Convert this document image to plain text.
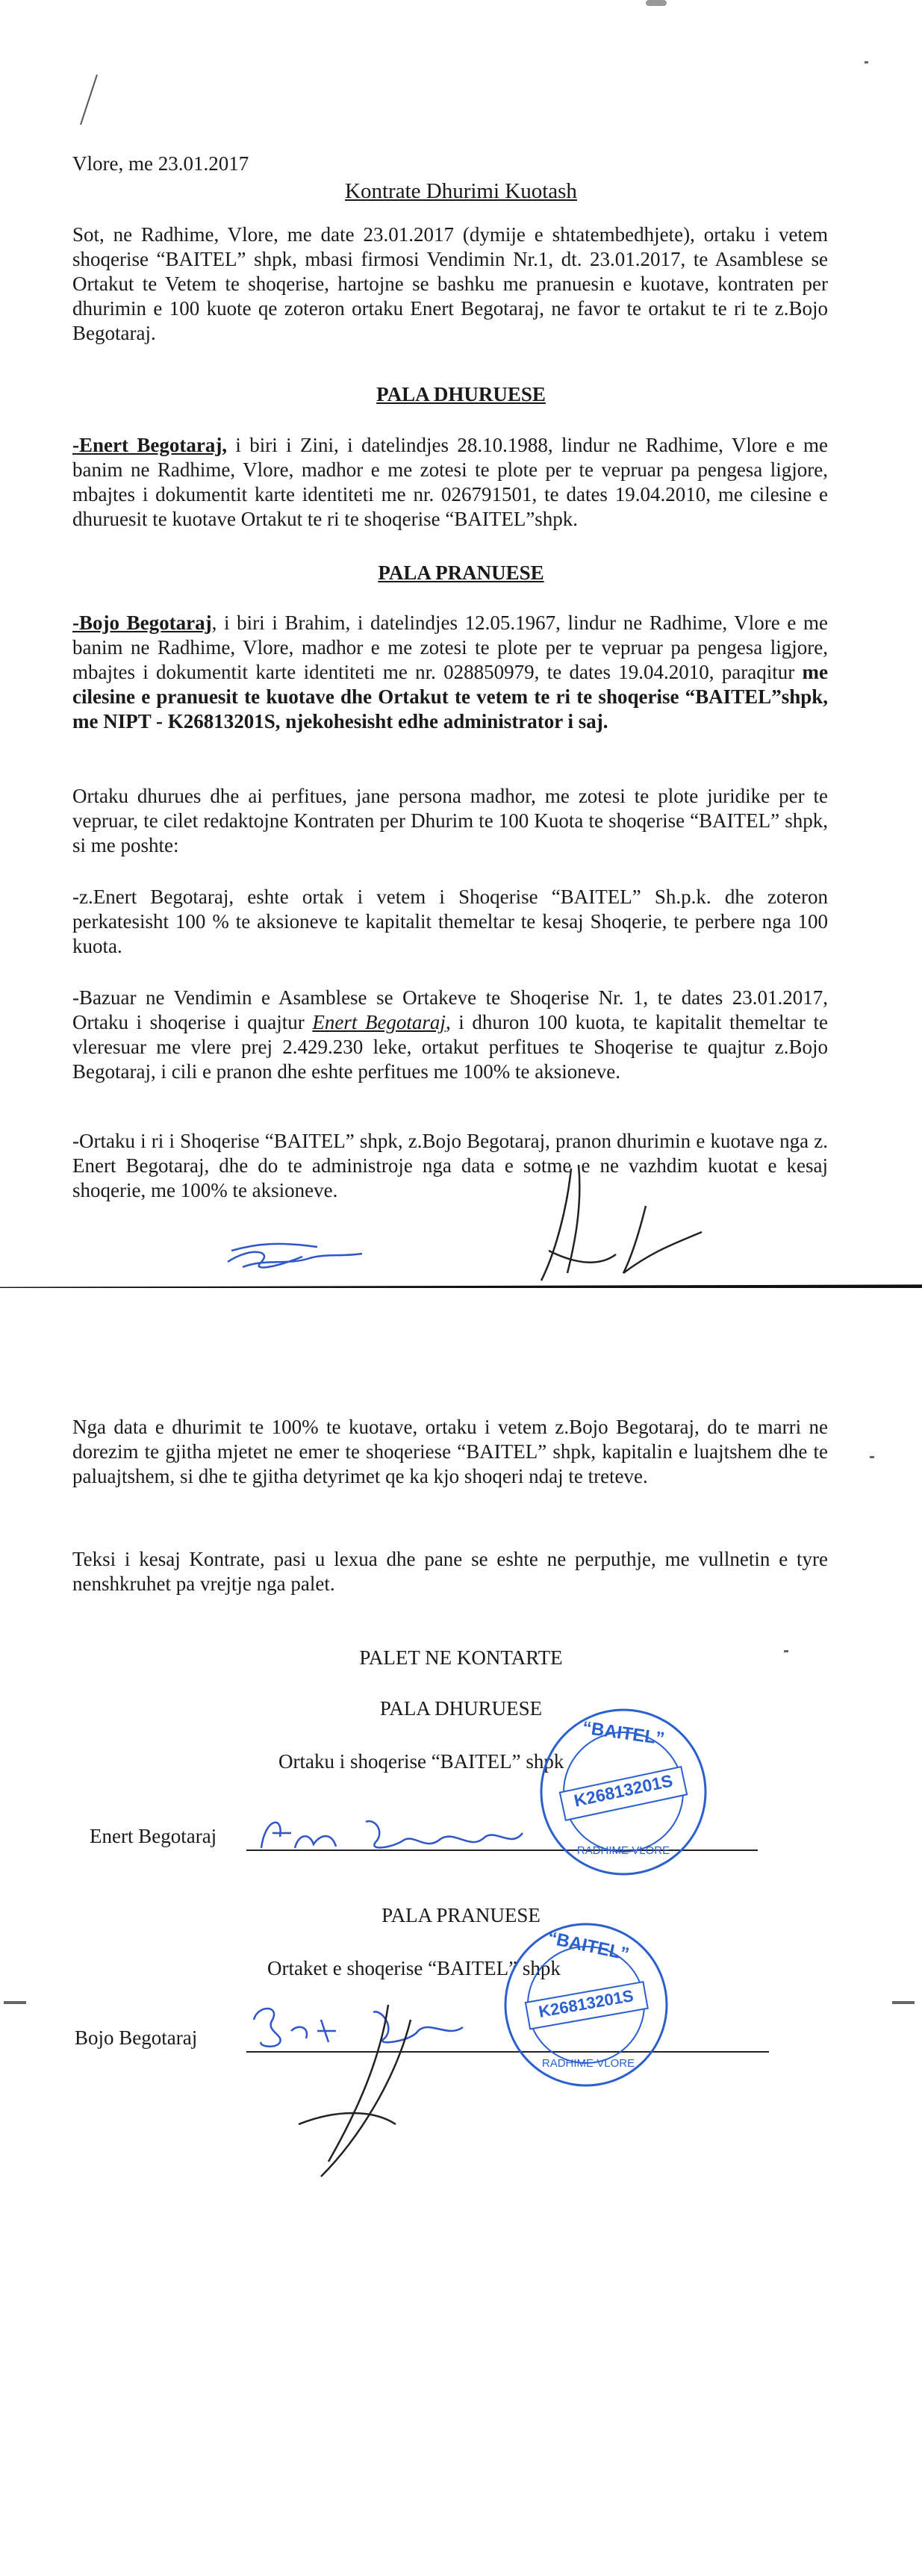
Vlore, me 23.01.2017
Kontrate Dhurimi Kuotash
Sot, ne Radhime, Vlore, me date 23.01.2017 (dymije e shtatembedhjete), ortaku i vetem shoqerise “BAITEL” shpk, mbasi firmosi Vendimin Nr.1, dt. 23.01.2017, te Asamblese se Ortakut te Vetem te shoqerise, hartojne se bashku me pranuesin e kuotave, kontraten per dhurimin e 100 kuote qe zoteron ortaku Enert Begotaraj, ne favor te ortakut te ri te z.Bojo Begotaraj.
PALA DHURUESE
-Enert Begotaraj, i biri i Zini, i datelindjes 28.10.1988, lindur ne Radhime, Vlore e me banim ne Radhime, Vlore, madhor e me zotesi te plote per te vepruar pa pengesa ligjore, mbajtes i dokumentit karte identiteti me nr. 026791501, te dates 19.04.2010, me cilesine e dhuruesit te kuotave Ortakut te ri te shoqerise “BAITEL”shpk.
PALA PRANUESE
-Bojo Begotaraj, i biri i Brahim, i datelindjes 12.05.1967, lindur ne Radhime, Vlore e me banim ne Radhime, Vlore, madhor e me zotesi te plote per te vepruar pa pengesa ligjore, mbajtes i dokumentit karte identiteti me nr. 028850979, te dates 19.04.2010, paraqitur me cilesine e pranuesit te kuotave dhe Ortakut te vetem te ri te shoqerise “BAITEL”shpk, me NIPT - K26813201S, njekohesisht edhe administrator i saj.
Ortaku dhurues dhe ai perfitues, jane persona madhor, me zotesi te plote juridike per te vepruar, te cilet redaktojne Kontraten per Dhurim te 100 Kuota te shoqerise “BAITEL” shpk, si me poshte:
-z.Enert Begotaraj, eshte ortak i vetem i Shoqerise “BAITEL” Sh.p.k. dhe zoteron perkatesisht 100 % te aksioneve te kapitalit themeltar te kesaj Shoqerie, te perbere nga 100 kuota.
-Bazuar ne Vendimin e Asamblese se Ortakeve te Shoqerise Nr. 1, te dates 23.01.2017, Ortaku i shoqerise i quajtur Enert Begotaraj, i dhuron 100 kuota, te kapitalit themeltar te vleresuar me vlere prej 2.429.230 leke, ortakut perfitues te Shoqerise te quajtur z.Bojo Begotaraj, i cili e pranon dhe eshte perfitues me 100% te aksioneve.
-Ortaku i ri i Shoqerise “BAITEL” shpk, z.Bojo Begotaraj, pranon dhurimin e kuotave nga z. Enert Begotaraj, dhe do te administroje nga data e sotme e ne vazhdim kuotat e kesaj shoqerie, me 100% te aksioneve.
Nga data e dhurimit te 100% te kuotave, ortaku i vetem z.Bojo Begotaraj, do te marri ne dorezim te gjitha mjetet ne emer te shoqeriese “BAITEL” shpk, kapitalin e luajtshem dhe te paluajtshem, si dhe te gjitha detyrimet qe ka kjo shoqeri ndaj te treteve.
Teksi i kesaj Kontrate, pasi u lexua dhe pane se eshte ne perputhje, me vullnetin e tyre nenshkruhet pa vrejtje nga palet.
PALET NE KONTARTE
PALA DHURUESE
Ortaku i shoqerise “BAITEL” shpk
Enert Begotaraj
“BAITEL”
K26813201S
RADHIME VLORE
PALA PRANUESE
Ortaket e shoqerise “BAITEL” shpk
Bojo Begotaraj
“BAITEL”
K26813201S
RADHIME VLORE
